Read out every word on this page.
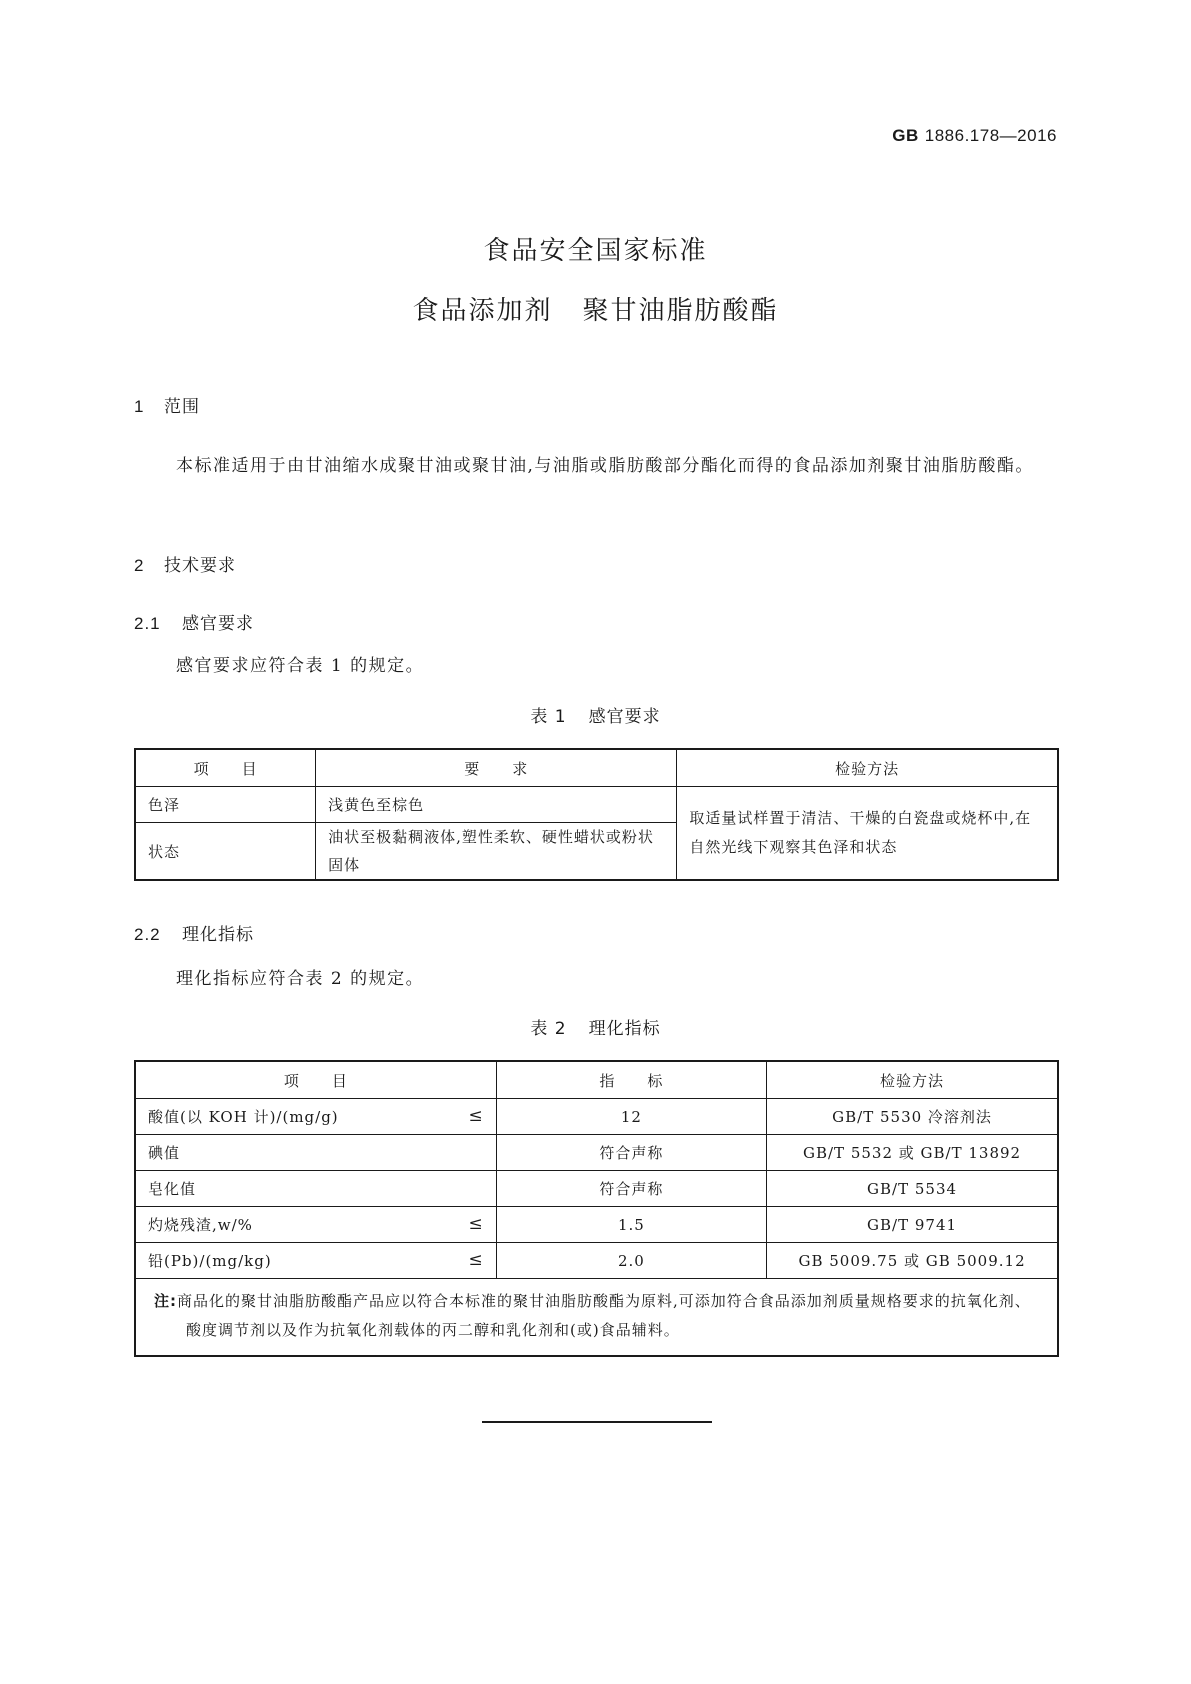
GB 1886.178—2016
食品安全国家标准
食品添加剂 聚甘油脂肪酸酯
1 范围
本标准适用于由甘油缩水成聚甘油或聚甘油,与油脂或脂肪酸部分酯化而得的食品添加剂聚甘油脂肪酸酯。
2 技术要求
2.1 感官要求
感官要求应符合表 1 的规定。
表 1 感官要求
项　　目	要　　求	检验方法
色泽	浅黄色至棕色	取适量试样置于清洁、干燥的白瓷盘或烧杯中,在自然光线下观察其色泽和状态
状态	油状至极黏稠液体,塑性柔软、硬性蜡状或粉状固体	
2.2 理化指标
理化指标应符合表 2 的规定。
表 2 理化指标
项　　目	指　　标	检验方法
酸值(以 KOH 计)/(mg/g) ≤	12	GB/T 5530 冷溶剂法
碘值	符合声称	GB/T 5532 或 GB/T 13892
皂化值	符合声称	GB/T 5534
灼烧残渣,w/% ≤	1.5	GB/T 9741
铅(Pb)/(mg/kg) ≤	2.0	GB 5009.75 或 GB 5009.12
注:商品化的聚甘油脂肪酸酯产品应以符合本标准的聚甘油脂肪酸酯为原料,可添加符合食品添加剂质量规格要求的抗氧化剂、酸度调节剂以及作为抗氧化剂载体的丙二醇和乳化剂和(或)食品辅料。		
